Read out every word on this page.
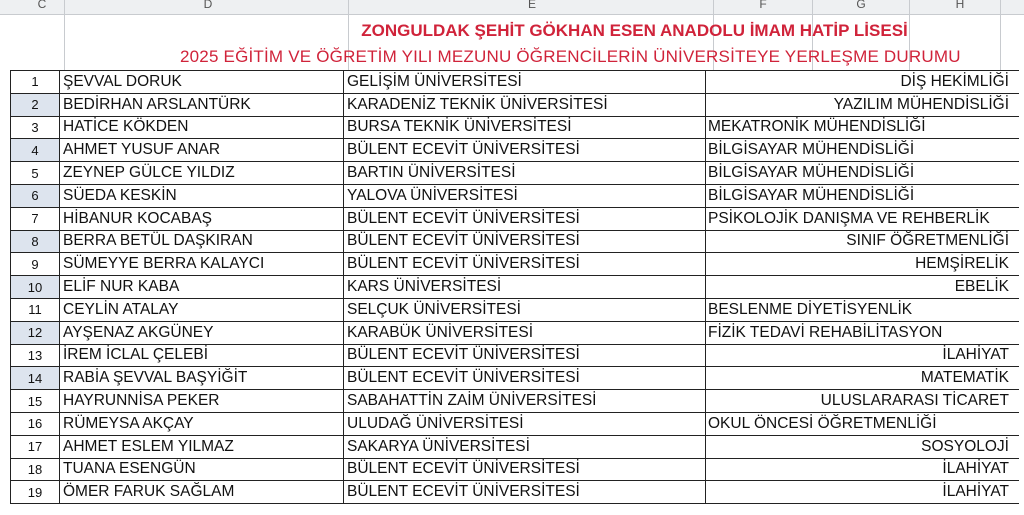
C	D	E	F	G	H
ZONGULDAK ŞEHİT GÖKHAN ESEN ANADOLU İMAM HATİP LİSESİ
2025 EĞİTİM VE ÖĞRETİM YILI MEZUNU ÖĞRENCİLERİN ÜNİVERSİTEYE YERLEŞME DURUMU
1	ŞEVVAL DORUK	GELİŞİM ÜNİVERSİTESİ	DİŞ HEKİMLİĞİ
2	BEDİRHAN ARSLANTÜRK	KARADENİZ TEKNİK ÜNİVERSİTESİ	YAZILIM MÜHENDİSLİĞİ
3	HATİCE KÖKDEN	BURSA TEKNİK ÜNİVERSİTESİ	MEKATRONİK MÜHENDİSLİĞİ
4	AHMET YUSUF ANAR	BÜLENT ECEVİT ÜNİVERSİTESİ	BİLGİSAYAR MÜHENDİSLİĞİ
5	ZEYNEP GÜLCE YILDIZ	BARTIN ÜNİVERSİTESİ	BİLGİSAYAR MÜHENDİSLİĞİ
6	SÜEDA KESKİN	YALOVA ÜNİVERSİTESİ	BİLGİSAYAR MÜHENDİSLİĞİ
7	HİBANUR KOCABAŞ	BÜLENT ECEVİT ÜNİVERSİTESİ	PSİKOLOJİK DANIŞMA VE REHBERLİK
8	BERRA BETÜL DAŞKIRAN	BÜLENT ECEVİT ÜNİVERSİTESİ	SINIF ÖĞRETMENLİĞİ
9	SÜMEYYE BERRA KALAYCI	BÜLENT ECEVİT ÜNİVERSİTESİ	HEMŞİRELİK
10	ELİF NUR KABA	KARS ÜNİVERSİTESİ	EBELİK
11	CEYLİN ATALAY	SELÇUK ÜNİVERSİTESİ	BESLENME DİYETİSYENLİK
12	AYŞENAZ AKGÜNEY	KARABÜK ÜNİVERSİTESİ	FİZİK TEDAVİ REHABİLİTASYON
13	İREM İCLAL ÇELEBİ	BÜLENT ECEVİT ÜNİVERSİTESİ	İLAHİYAT
14	RABİA ŞEVVAL BAŞYİĞİT	BÜLENT ECEVİT ÜNİVERSİTESİ	MATEMATİK
15	HAYRUNNİSA PEKER	SABAHATTİN ZAİM ÜNİVERSİTESİ	ULUSLARARASI TİCARET
16	RÜMEYSA AKÇAY	ULUDAĞ ÜNİVERSİTESİ	OKUL ÖNCESİ ÖĞRETMENLİĞİ
17	AHMET ESLEM YILMAZ	SAKARYA ÜNİVERSİTESİ	SOSYOLOJİ
18	TUANA ESENGÜN	BÜLENT ECEVİT ÜNİVERSİTESİ	İLAHİYAT
19	ÖMER FARUK SAĞLAM	BÜLENT ECEVİT ÜNİVERSİTESİ	İLAHİYAT
